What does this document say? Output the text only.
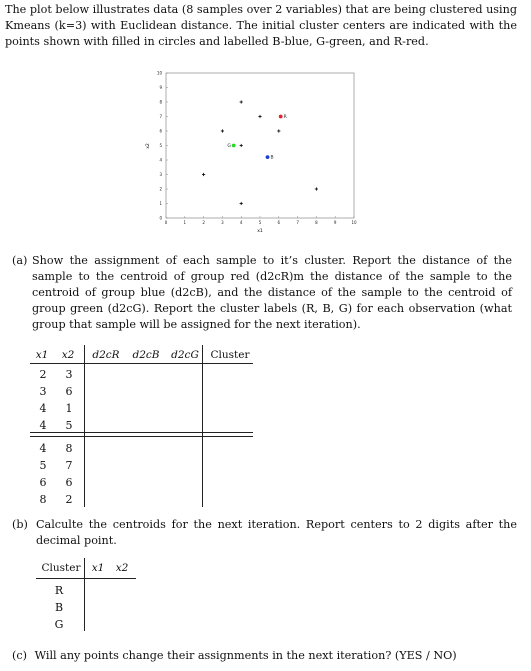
The plot below illustrates data (8 samples over 2 variables) that are being clustered using Kmeans (k=3) with Euclidean distance. The initial cluster centers are indicated with the points shown with filled in circles and labelled B-blue, G-green, and R-red.
0	1	2	3	4	5	6	7	8	9	10
0
1
2
3
4
5
6
7
8
9
10
R
G
B
x1
x2
(a) Show the assignment of each sample to it’s cluster. Report the distance of the sample to the centroid of group red (d2cR)m the distance of the sample to the centroid of group blue (d2cB), and the distance of the sample to the centroid of group green (d2cG). Report the cluster labels (R, B, G) for each observation (what group that sample will be assigned for the next iteration).
x1	x2	d2cR	d2cB	d2cG	Cluster
2	3
3	6
4	1
4	5
4	8
5	7
6	6
8	2
(b) Calculte the centroids for the next iteration. Report centers to 2 digits after the decimal point.
Cluster	x1	x2
R
B
G
(c) Will any points change their assignments in the next iteration? (YES / NO)
